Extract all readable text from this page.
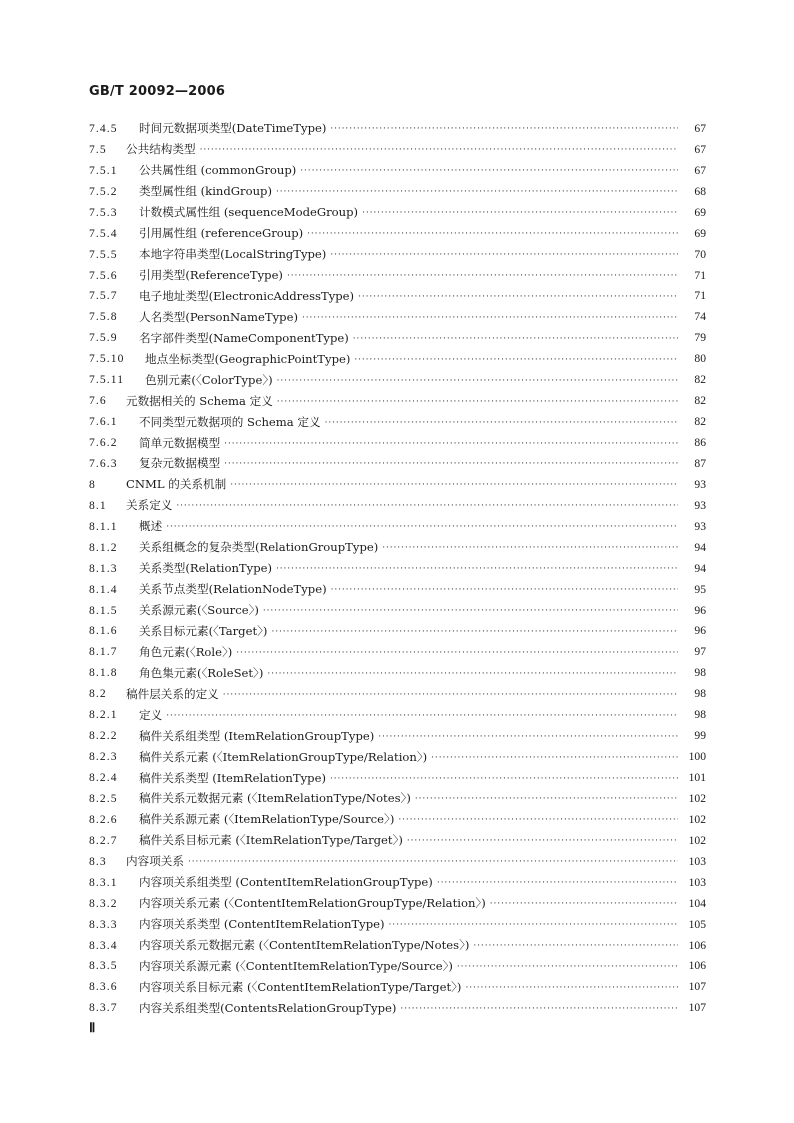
GB/T 20092—2006
7.4.5	时间元数据项类型(DateTimeType) ·····	67
7.5	公共结构类型 ·····	67
7.5.1	公共属性组 (commonGroup) ·····	67
7.5.2	类型属性组 (kindGroup) ·····	68
7.5.3	计数模式属性组 (sequenceModeGroup) ·····	69
7.5.4	引用属性组 (referenceGroup) ·····	69
7.5.5	本地字符串类型(LocalStringType) ·····	70
7.5.6	引用类型(ReferenceType) ·····	71
7.5.7	电子地址类型(ElectronicAddressType) ·····	71
7.5.8	人名类型(PersonNameType) ·····	74
7.5.9	名字部件类型(NameComponentType) ·····	79
7.5.10	地点坐标类型(GeographicPointType) ·····	80
7.5.11	色别元素(〈ColorType〉) ·····	82
7.6	元数据相关的 Schema 定义 ·····	82
7.6.1	不同类型元数据项的 Schema 定义 ·····	82
7.6.2	简单元数据模型 ·····	86
7.6.3	复杂元数据模型 ·····	87
8	CNML 的关系机制 ·····	93
8.1	关系定义 ·····	93
8.1.1	概述 ·····	93
8.1.2	关系组概念的复杂类型(RelationGroupType) ·····	94
8.1.3	关系类型(RelationType) ·····	94
8.1.4	关系节点类型(RelationNodeType) ·····	95
8.1.5	关系源元素(〈Source〉) ·····	96
8.1.6	关系目标元素(〈Target〉) ·····	96
8.1.7	角色元素(〈Role〉) ·····	97
8.1.8	角色集元素(〈RoleSet〉) ·····	98
8.2	稿件层关系的定义 ·····	98
8.2.1	定义 ·····	98
8.2.2	稿件关系组类型 (ItemRelationGroupType) ·····	99
8.2.3	稿件关系元素 (〈ItemRelationGroupType/Relation〉) ·····	100
8.2.4	稿件关系类型 (ItemRelationType) ·····	101
8.2.5	稿件关系元数据元素 (〈ItemRelationType/Notes〉) ·····	102
8.2.6	稿件关系源元素 (〈ItemRelationType/Source〉) ·····	102
8.2.7	稿件关系目标元素 (〈ItemRelationType/Target〉) ·····	102
8.3	内容项关系 ·····	103
8.3.1	内容项关系组类型 (ContentItemRelationGroupType) ·····	103
8.3.2	内容项关系元素 (〈ContentItemRelationGroupType/Relation〉) ·····	104
8.3.3	内容项关系类型 (ContentItemRelationType) ·····	105
8.3.4	内容项关系元数据元素 (〈ContentItemRelationType/Notes〉) ·····	106
8.3.5	内容项关系源元素 (〈ContentItemRelationType/Source〉) ·····	106
8.3.6	内容项关系目标元素 (〈ContentItemRelationType/Target〉) ·····	107
8.3.7	内容关系组类型(ContentsRelationGroupType) ·····	107
Ⅱ
